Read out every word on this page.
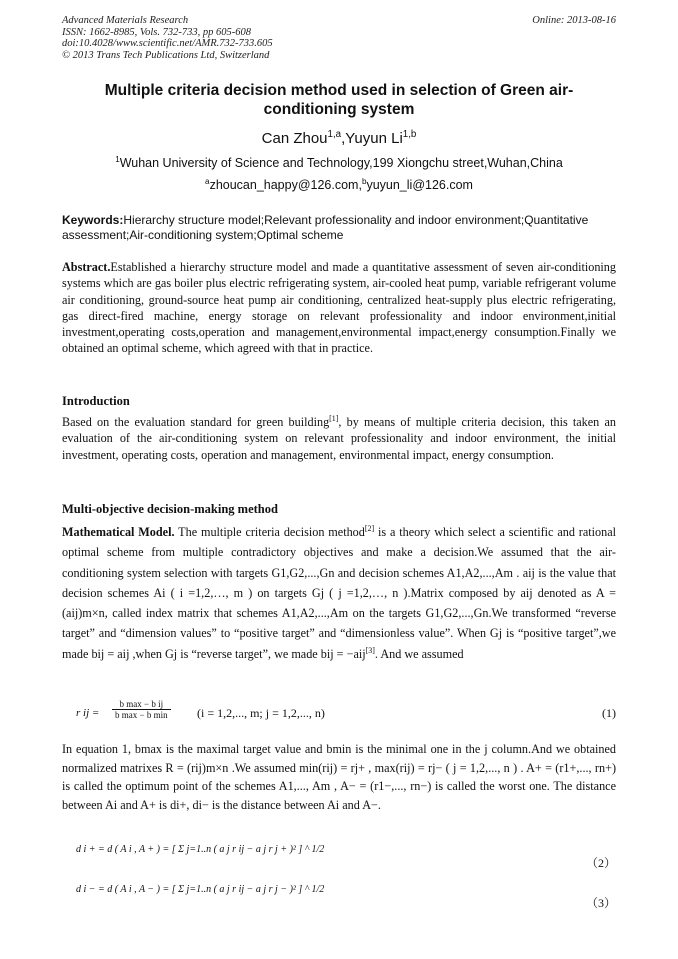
Advanced Materials Research
ISSN: 1662-8985, Vols. 732-733, pp 605-608
doi:10.4028/www.scientific.net/AMR.732-733.605
© 2013 Trans Tech Publications Ltd, Switzerland
Online: 2013-08-16
Multiple criteria decision method used in selection of Green air-conditioning system
Can Zhou$^{1,a}$,Yuyun Li$^{1,b}$
$^1$Wuhan University of Science and Technology,199 Xiongchu street,Wuhan,China
$^a$zhoucan_happy@126.com,$^b$yuyun_li@126.com
Keywords:Hierarchy structure model;Relevant professionality and indoor environment;Quantitative assessment;Air-conditioning system;Optimal scheme
Abstract.Established a hierarchy structure model and made a quantitative assessment of seven air-conditioning systems which are gas boiler plus electric refrigerating system, air-cooled heat pump, variable refrigerant volume air conditioning, ground-source heat pump air conditioning, centralized heat-supply plus electric refrigerating, gas direct-fired machine, energy storage on relevant professionality and indoor environment,initial investment,operating costs,operation and management,environmental impact,energy consumption.Finally we obtained an optimal scheme, which agreed with that in practice.
Introduction
Based on the evaluation standard for green building[1], by means of multiple criteria decision, this taken an evaluation of the air-conditioning system on relevant professionality and indoor environment, the initial investment, operating costs, operation and management, environmental impact, energy consumption.
Multi-objective decision-making method
Mathematical Model. The multiple criteria decision method[2] is a theory which select a scientific and rational optimal scheme from multiple contradictory objectives and make a decision.We assumed that the air-conditioning system selection with targets G1,G2,...,Gn and decision schemes A1,A2,...,Am . aij is the value that decision schemes Ai ( i =1,2,…, m ) on targets Gj ( j =1,2,…, n ).Matrix composed by aij denoted as A = (aij)m×n, called index matrix that schemes A1,A2,...,Am on the targets G1,G2,...,Gn.We transformed “reverse target” and “dimension values” to “positive target” and “dimensionless value”. When Gj is “positive target”,we made bij = aij ,when Gj is “reverse target”, we made bij = −aij[3]. And we assumed
r ij =
b max − b ij
b max − b min (i = 1,2,..., m; j = 1,2,..., n)	(1)
In equation 1, bmax is the maximal target value and bmin is the minimal one in the j column.And we obtained normalized matrixes R = (rij)m×n .We assumed min(rij) = rj+ , max(rij) = rj− ( j = 1,2,..., n ) . A+ = (r1+,..., rn+) is called the optimum point of the schemes A1,..., Am , A− = (r1−,..., rn−) is called the worst one. The distance between Ai and A+ is di+, di− is the distance between Ai and A−.
d i + = d ( A i , A + ) = [ Σ j=1..n ( a j r ij − a j r j + )² ] ^ 1/2
（2）
d i − = d ( A i , A − ) = [ Σ j=1..n ( a j r ij − a j r j − )² ] ^ 1/2
（3）
